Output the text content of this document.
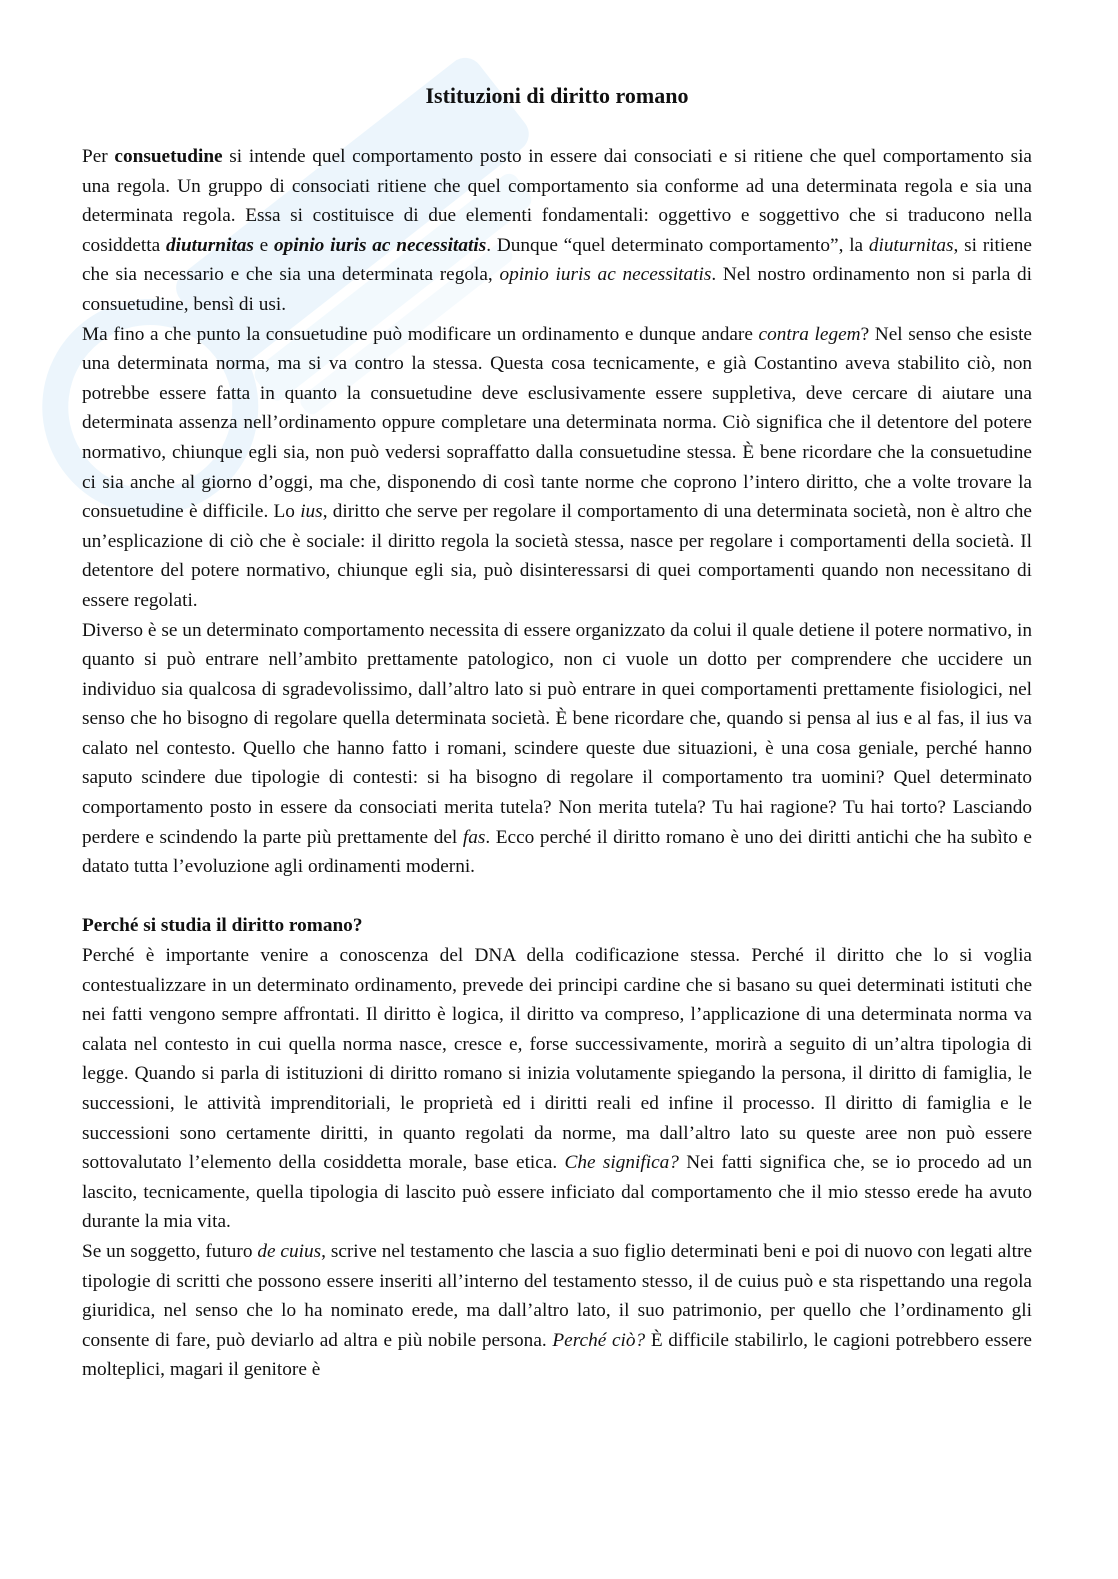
Istituzioni di diritto romano

Per consuetudine si intende quel comportamento posto in essere dai consociati e si ritiene che quel comportamento sia una regola. Un gruppo di consociati ritiene che quel comportamento sia conforme ad una determinata regola e sia una determinata regola. Essa si costituisce di due elementi fondamentali: oggettivo e soggettivo che si traducono nella cosiddetta diuturnitas e opinio iuris ac necessitatis. Dunque “quel determinato comportamento”, la diuturnitas, si ritiene che sia necessario e che sia una determinata regola, opinio iuris ac necessitatis. Nel nostro ordinamento non si parla di consuetudine, bensì di usi.

Ma fino a che punto la consuetudine può modificare un ordinamento e dunque andare contra legem? Nel senso che esiste una determinata norma, ma si va contro la stessa. Questa cosa tecnicamente, e già Costantino aveva stabilito ciò, non potrebbe essere fatta in quanto la consuetudine deve esclusivamente essere suppletiva, deve cercare di aiutare una determinata assenza nell’ordinamento oppure completare una determinata norma. Ciò significa che il detentore del potere normativo, chiunque egli sia, non può vedersi sopraffatto dalla consuetudine stessa. È bene ricordare che la consuetudine ci sia anche al giorno d’oggi, ma che, disponendo di così tante norme che coprono l’intero diritto, che a volte trovare la consuetudine è difficile. Lo ius, diritto che serve per regolare il comportamento di una determinata società, non è altro che un’esplicazione di ciò che è sociale: il diritto regola la società stessa, nasce per regolare i comportamenti della società. Il detentore del potere normativo, chiunque egli sia, può disinteressarsi di quei comportamenti quando non necessitano di essere regolati.

Diverso è se un determinato comportamento necessita di essere organizzato da colui il quale detiene il potere normativo, in quanto si può entrare nell’ambito prettamente patologico, non ci vuole un dotto per comprendere che uccidere un individuo sia qualcosa di sgradevolissimo, dall’altro lato si può entrare in quei comportamenti prettamente fisiologici, nel senso che ho bisogno di regolare quella determinata società. È bene ricordare che, quando si pensa al ius e al fas, il ius va calato nel contesto. Quello che hanno fatto i romani, scindere queste due situazioni, è una cosa geniale, perché hanno saputo scindere due tipologie di contesti: si ha bisogno di regolare il comportamento tra uomini? Quel determinato comportamento posto in essere da consociati merita tutela? Non merita tutela? Tu hai ragione? Tu hai torto? Lasciando perdere e scindendo la parte più prettamente del fas. Ecco perché il diritto romano è uno dei diritti antichi che ha subìto e datato tutta l’evoluzione agli ordinamenti moderni.

Perché si studia il diritto romano?

Perché è importante venire a conoscenza del DNA della codificazione stessa. Perché il diritto che lo si voglia contestualizzare in un determinato ordinamento, prevede dei principi cardine che si basano su quei determinati istituti che nei fatti vengono sempre affrontati. Il diritto è logica, il diritto va compreso, l’applicazione di una determinata norma va calata nel contesto in cui quella norma nasce, cresce e, forse successivamente, morirà a seguito di un’altra tipologia di legge. Quando si parla di istituzioni di diritto romano si inizia volutamente spiegando la persona, il diritto di famiglia, le successioni, le attività imprenditoriali, le proprietà ed i diritti reali ed infine il processo. Il diritto di famiglia e le successioni sono certamente diritti, in quanto regolati da norme, ma dall’altro lato su queste aree non può essere sottovalutato l’elemento della cosiddetta morale, base etica. Che significa? Nei fatti significa che, se io procedo ad un lascito, tecnicamente, quella tipologia di lascito può essere inficiato dal comportamento che il mio stesso erede ha avuto durante la mia vita.

Se un soggetto, futuro de cuius, scrive nel testamento che lascia a suo figlio determinati beni e poi di nuovo con legati altre tipologie di scritti che possono essere inseriti all’interno del testamento stesso, il de cuius può e sta rispettando una regola giuridica, nel senso che lo ha nominato erede, ma dall’altro lato, il suo patrimonio, per quello che l’ordinamento gli consente di fare, può deviarlo ad altra e più nobile persona. Perché ciò? È difficile stabilirlo, le cagioni potrebbero essere molteplici, magari il genitore è
